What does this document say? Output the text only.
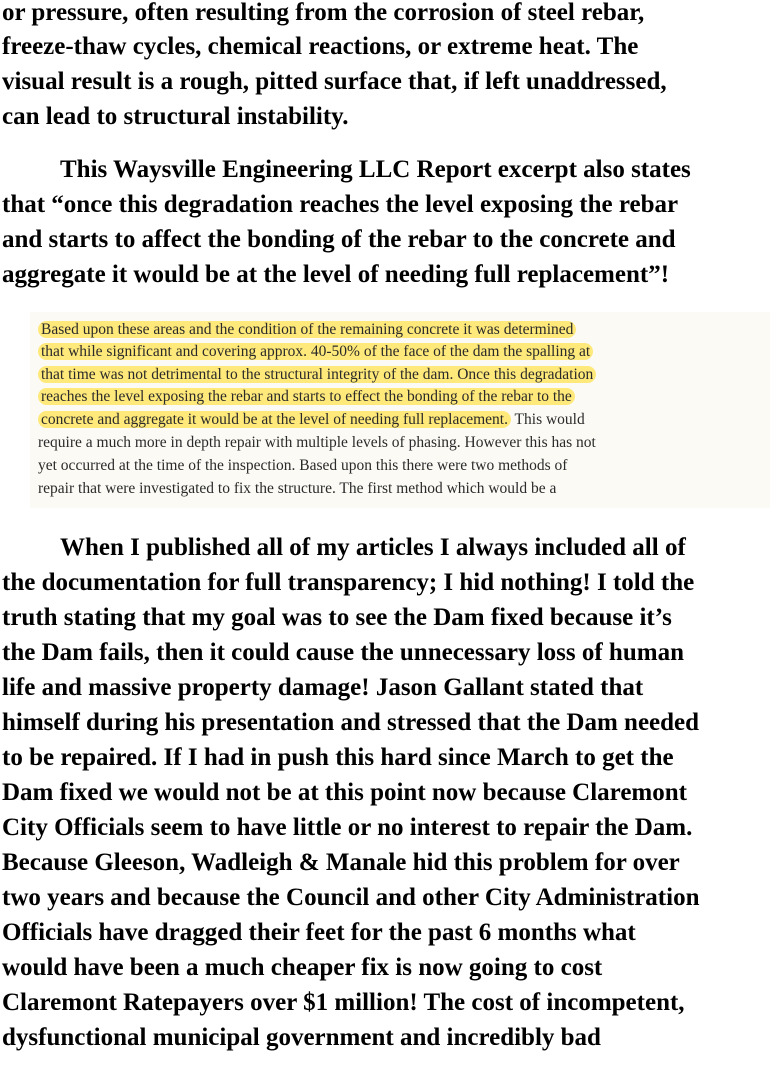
or pressure, often resulting from the corrosion of steel rebar,
freeze-thaw cycles, chemical reactions, or extreme heat. The
visual result is a rough, pitted surface that, if left unaddressed,
can lead to structural instability.
This Waysville Engineering LLC Report excerpt also states
that “once this degradation reaches the level exposing the rebar
and starts to affect the bonding of the rebar to the concrete and
aggregate it would be at the level of needing full replacement”!
Based upon these areas and the condition of the remaining concrete it was determined
that while significant and covering approx. 40-50% of the face of the dam the spalling at
that time was not detrimental to the structural integrity of the dam. Once this degradation
reaches the level exposing the rebar and starts to effect the bonding of the rebar to the
concrete and aggregate it would be at the level of needing full replacement. This would
require a much more in depth repair with multiple levels of phasing. However this has not
yet occurred at the time of the inspection. Based upon this there were two methods of
repair that were investigated to fix the structure. The first method which would be a
When I published all of my articles I always included all of
the documentation for full transparency; I hid nothing! I told the
truth stating that my goal was to see the Dam fixed because it’s
the Dam fails, then it could cause the unnecessary loss of human
life and massive property damage! Jason Gallant stated that
himself during his presentation and stressed that the Dam needed
to be repaired. If I had in push this hard since March to get the
Dam fixed we would not be at this point now because Claremont
City Officials seem to have little or no interest to repair the Dam.
Because Gleeson, Wadleigh & Manale hid this problem for over
two years and because the Council and other City Administration
Officials have dragged their feet for the past 6 months what
would have been a much cheaper fix is now going to cost
Claremont Ratepayers over $1 million! The cost of incompetent,
dysfunctional municipal government and incredibly bad
